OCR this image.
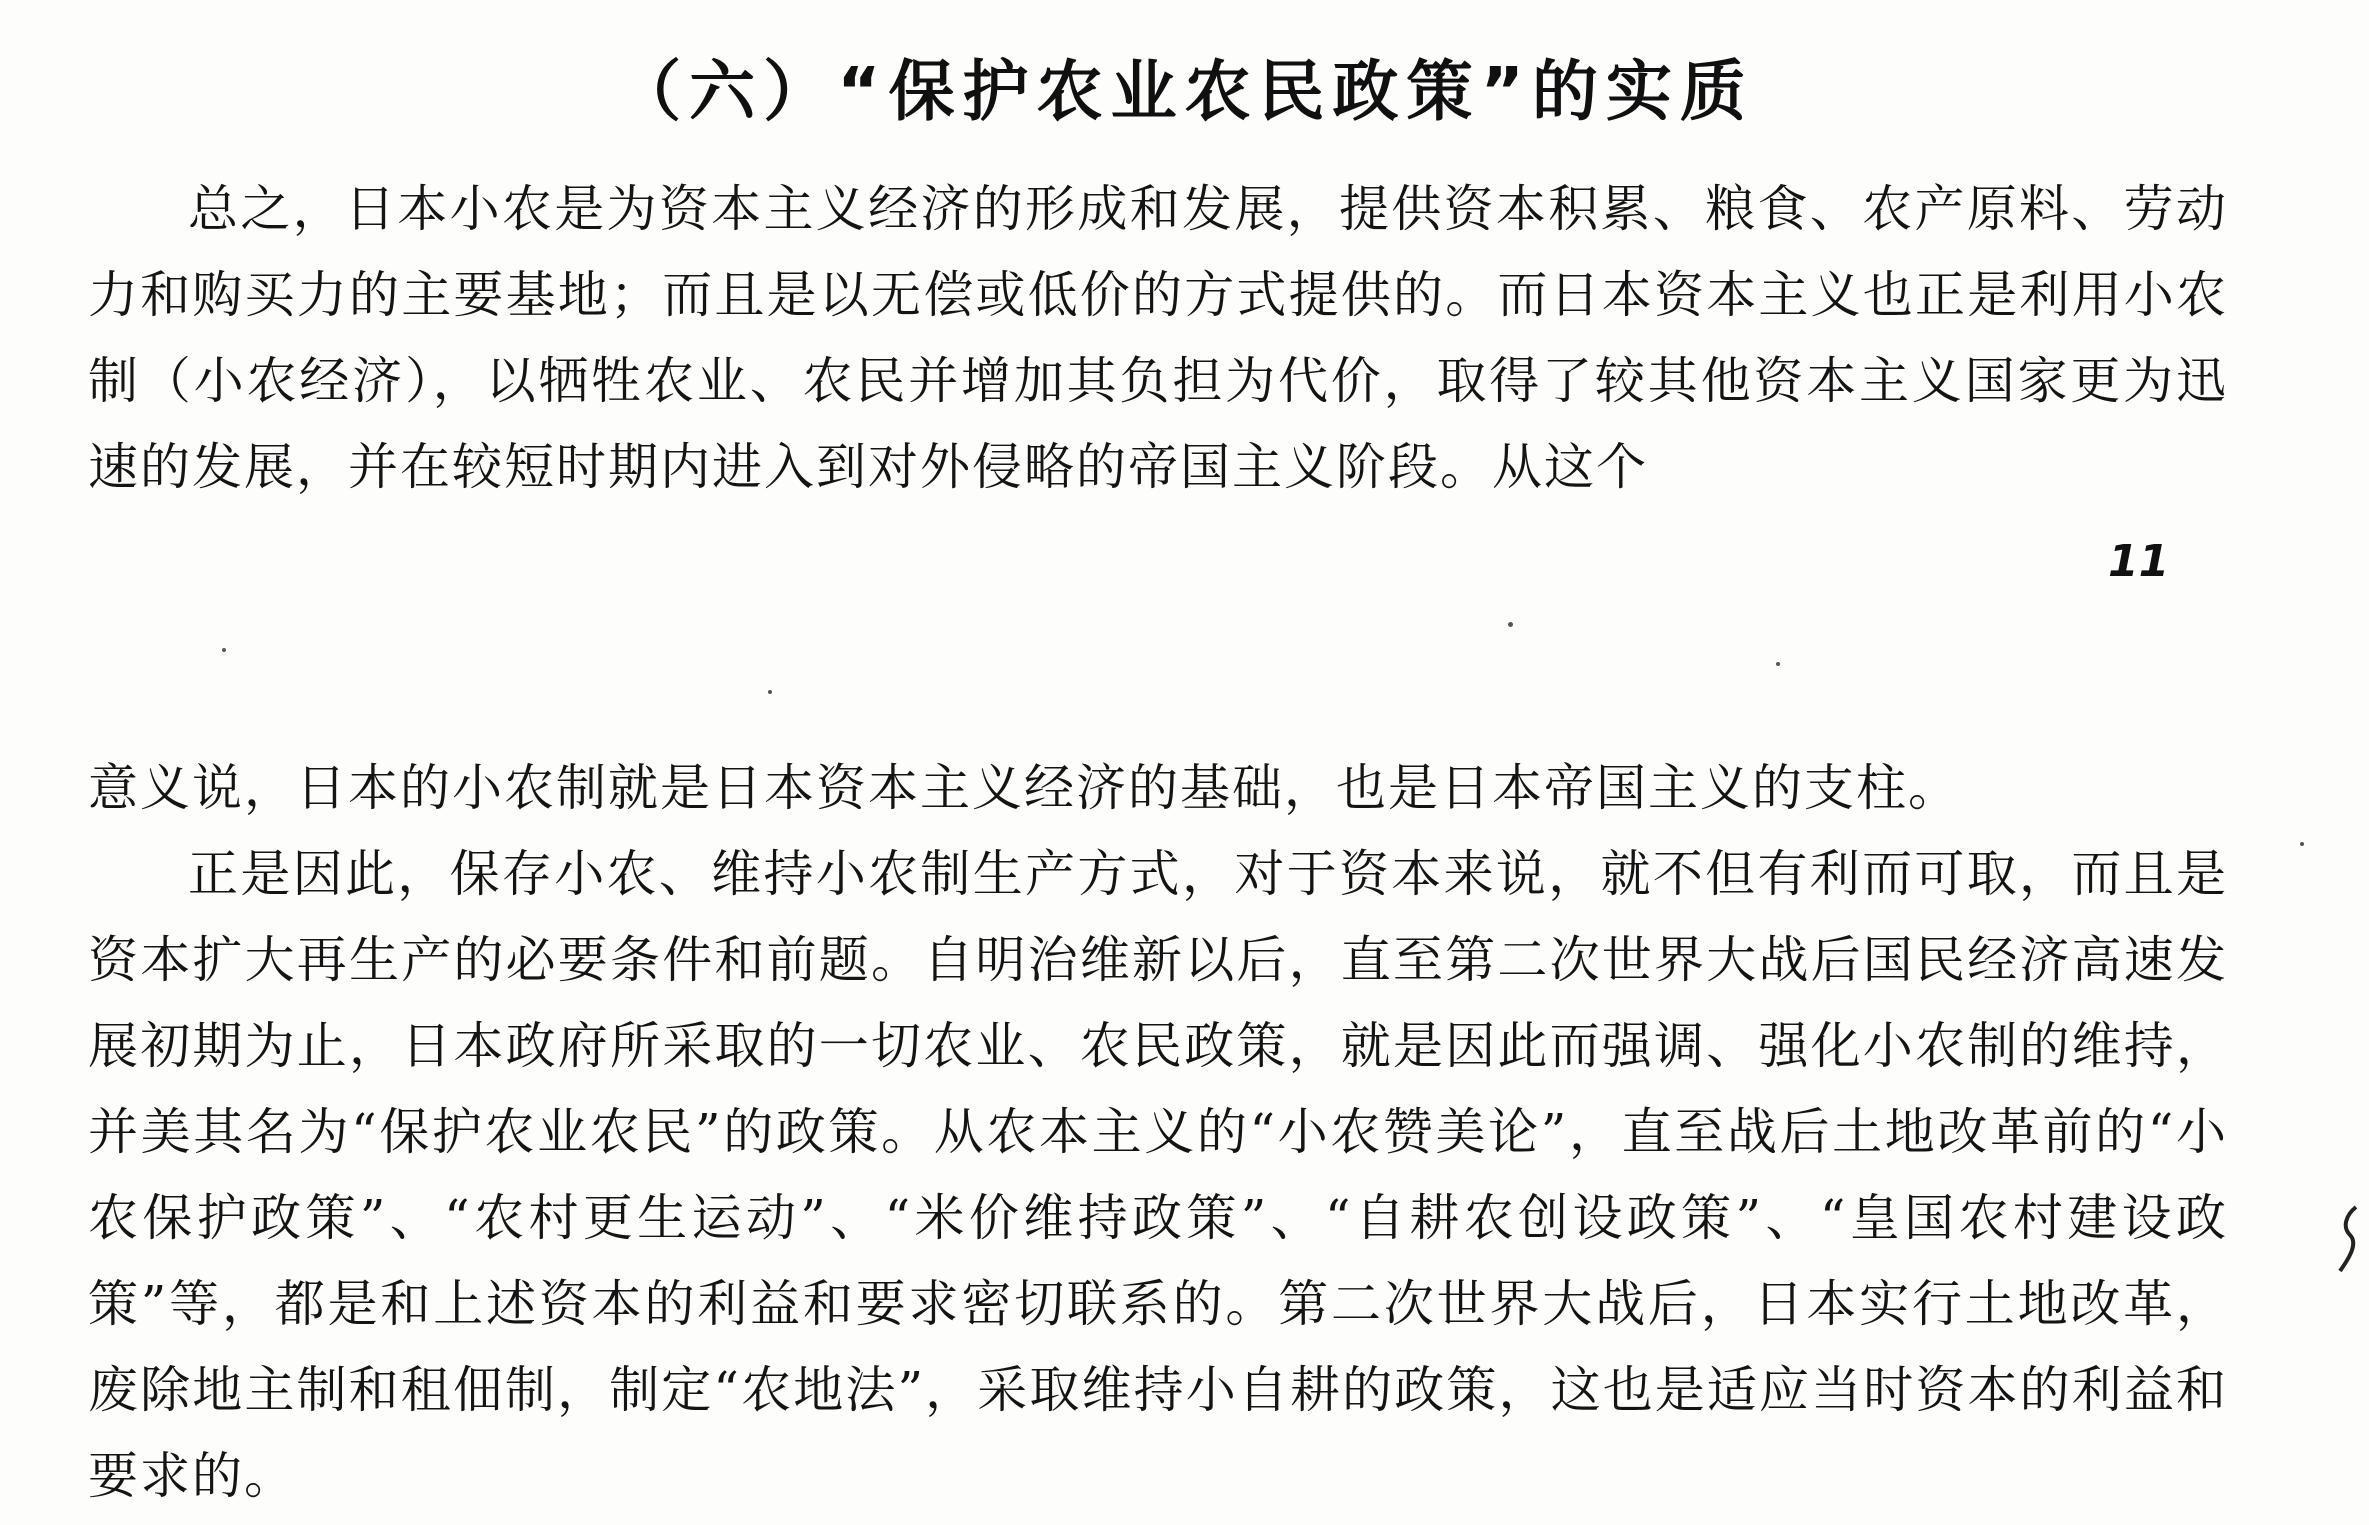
（六）“保护农业农民政策”的实质

总之，日本小农是为资本主义经济的形成和发展，提供资本积累、粮食、农产原料、劳动力和购买力的主要基地；而且是以无偿或低价的方式提供的。而日本资本主义也正是利用小农制（小农经济），以牺牲农业、农民并增加其负担为代价，取得了较其他资本主义国家更为迅速的发展，并在较短时期内进入到对外侵略的帝国主义阶段。从这个

11

意义说，日本的小农制就是日本资本主义经济的基础，也是日本帝国主义的支柱。

正是因此，保存小农、维持小农制生产方式，对于资本来说，就不但有利而可取，而且是资本扩大再生产的必要条件和前题。自明治维新以后，直至第二次世界大战后国民经济高速发展初期为止，日本政府所采取的一切农业、农民政策，就是因此而强调、强化小农制的维持，并美其名为“保护农业农民”的政策。从农本主义的“小农赞美论”，直至战后土地改革前的“小农保护政策”、“农村更生运动”、“米价维持政策”、“自耕农创设政策”、“皇国农村建设政策”等，都是和上述资本的利益和要求密切联系的。第二次世界大战后，日本实行土地改革，废除地主制和租佃制，制定“农地法”，采取维持小自耕的政策，这也是适应当时资本的利益和要求的。
